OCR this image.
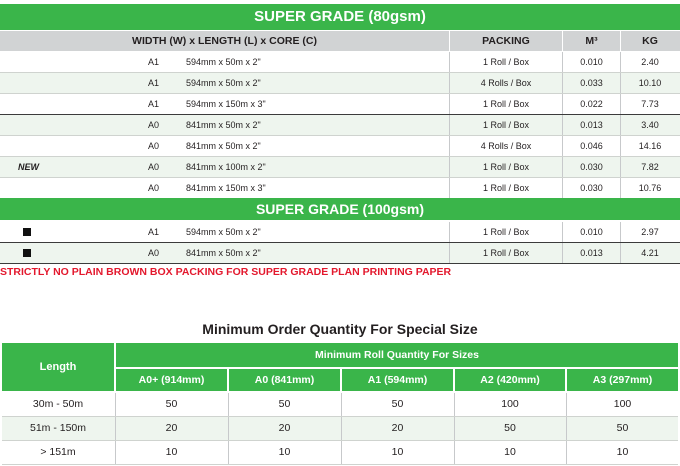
SUPER GRADE (80gsm)
WIDTH (W) x LENGTH (L) x CORE (C)	PACKING	M³	KG
A1	594mm x 50m x 2"	1 Roll / Box	0.010	2.40
A1	594mm x 50m x 2"	4 Rolls / Box	0.033	10.10
A1	594mm x 150m x 3"	1 Roll / Box	0.022	7.73
A0	841mm x 50m x 2"	1 Roll / Box	0.013	3.40
A0	841mm x 50m x 2"	4 Rolls / Box	0.046	14.16
NEW	A0	841mm x 100m x 2"	1 Roll / Box	0.030	7.82
A0	841mm x 150m x 3"	1 Roll / Box	0.030	10.76
SUPER GRADE (100gsm)
A1	594mm x 50m x 2"	1 Roll / Box	0.010	2.97
A0	841mm x 50m x 2"	1 Roll / Box	0.013	4.21
STRICTLY NO PLAIN BROWN BOX PACKING FOR SUPER GRADE PLAN PRINTING PAPER
Minimum Order Quantity For Special Size
Length
Minimum Roll Quantity For Sizes
A0+ (914mm)	A0 (841mm)	A1 (594mm)	A2 (420mm)	A3 (297mm)
30m - 50m	50	50	50	100	100
51m - 150m	20	20	20	50	50
> 151m	10	10	10	10	10
